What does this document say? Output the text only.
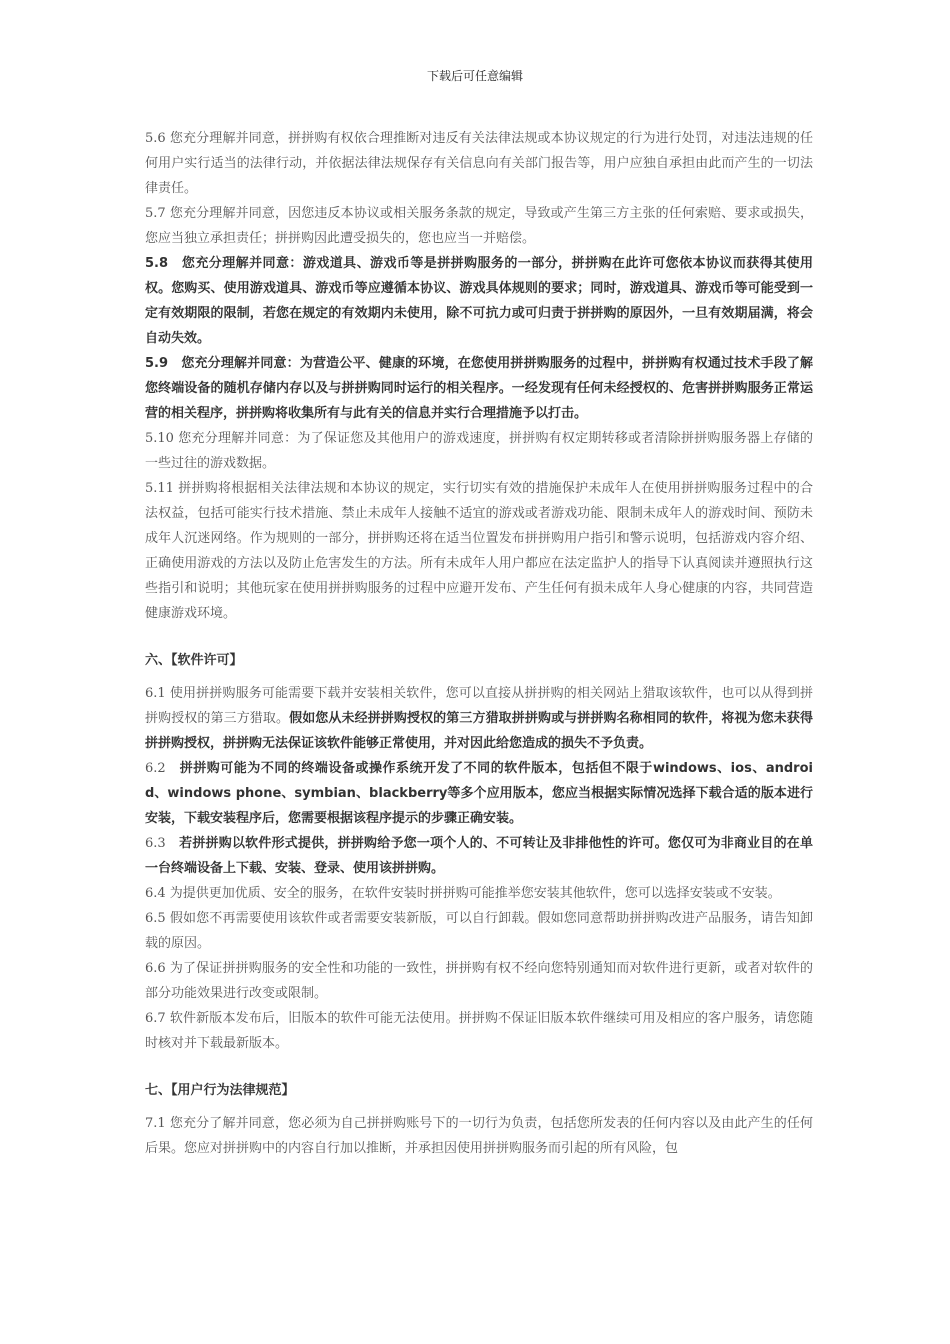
下载后可任意编辑

5.6 您充分理解并同意，拼拼购有权依合理推断对违反有关法律法规或本协议规定的行为进行处罚，对违法违规的任何用户实行适当的法律行动，并依据法律法规保存有关信息向有关部门报告等，用户应独自承担由此而产生的一切法律责任。

5.7 您充分理解并同意，因您违反本协议或相关服务条款的规定，导致或产生第三方主张的任何索赔、要求或损失，您应当独立承担责任；拼拼购因此遭受损失的，您也应当一并赔偿。

5.8　您充分理解并同意：游戏道具、游戏币等是拼拼购服务的一部分，拼拼购在此许可您依本协议而获得其使用权。您购买、使用游戏道具、游戏币等应遵循本协议、游戏具体规则的要求；同时，游戏道具、游戏币等可能受到一定有效期限的限制，若您在规定的有效期内未使用，除不可抗力或可归责于拼拼购的原因外，一旦有效期届满，将会自动失效。

5.9　您充分理解并同意：为营造公平、健康的环境，在您使用拼拼购服务的过程中，拼拼购有权通过技术手段了解您终端设备的随机存储内存以及与拼拼购同时运行的相关程序。一经发现有任何未经授权的、危害拼拼购服务正常运营的相关程序，拼拼购将收集所有与此有关的信息并实行合理措施予以打击。

5.10 您充分理解并同意：为了保证您及其他用户的游戏速度，拼拼购有权定期转移或者清除拼拼购服务器上存储的一些过往的游戏数据。

5.11 拼拼购将根据相关法律法规和本协议的规定，实行切实有效的措施保护未成年人在使用拼拼购服务过程中的合法权益，包括可能实行技术措施、禁止未成年人接触不适宜的游戏或者游戏功能、限制未成年人的游戏时间、预防未成年人沉迷网络。作为规则的一部分，拼拼购还将在适当位置发布拼拼购用户指引和警示说明，包括游戏内容介绍、正确使用游戏的方法以及防止危害发生的方法。所有未成年人用户都应在法定监护人的指导下认真阅读并遵照执行这些指引和说明；其他玩家在使用拼拼购服务的过程中应避开发布、产生任何有损未成年人身心健康的内容，共同营造健康游戏环境。

六、【软件许可】

6.1 使用拼拼购服务可能需要下载并安装相关软件，您可以直接从拼拼购的相关网站上猎取该软件，也可以从得到拼拼购授权的第三方猎取。假如您从未经拼拼购授权的第三方猎取拼拼购或与拼拼购名称相同的软件，将视为您未获得拼拼购授权，拼拼购无法保证该软件能够正常使用，并对因此给您造成的损失不予负责。

6.2　拼拼购可能为不同的终端设备或操作系统开发了不同的软件版本，包括但不限于windows、ios、android、windows phone、symbian、blackberry等多个应用版本，您应当根据实际情况选择下载合适的版本进行安装，下载安装程序后，您需要根据该程序提示的步骤正确安装。

6.3　若拼拼购以软件形式提供，拼拼购给予您一项个人的、不可转让及非排他性的许可。您仅可为非商业目的在单一台终端设备上下载、安装、登录、使用该拼拼购。

6.4 为提供更加优质、安全的服务，在软件安装时拼拼购可能推举您安装其他软件，您可以选择安装或不安装。

6.5 假如您不再需要使用该软件或者需要安装新版，可以自行卸载。假如您同意帮助拼拼购改进产品服务，请告知卸载的原因。

6.6 为了保证拼拼购服务的安全性和功能的一致性，拼拼购有权不经向您特别通知而对软件进行更新，或者对软件的部分功能效果进行改变或限制。

6.7 软件新版本发布后，旧版本的软件可能无法使用。拼拼购不保证旧版本软件继续可用及相应的客户服务，请您随时核对并下载最新版本。

七、【用户行为法律规范】

7.1 您充分了解并同意，您必须为自己拼拼购账号下的一切行为负责，包括您所发表的任何内容以及由此产生的任何后果。您应对拼拼购中的内容自行加以推断，并承担因使用拼拼购服务而引起的所有风险，包
